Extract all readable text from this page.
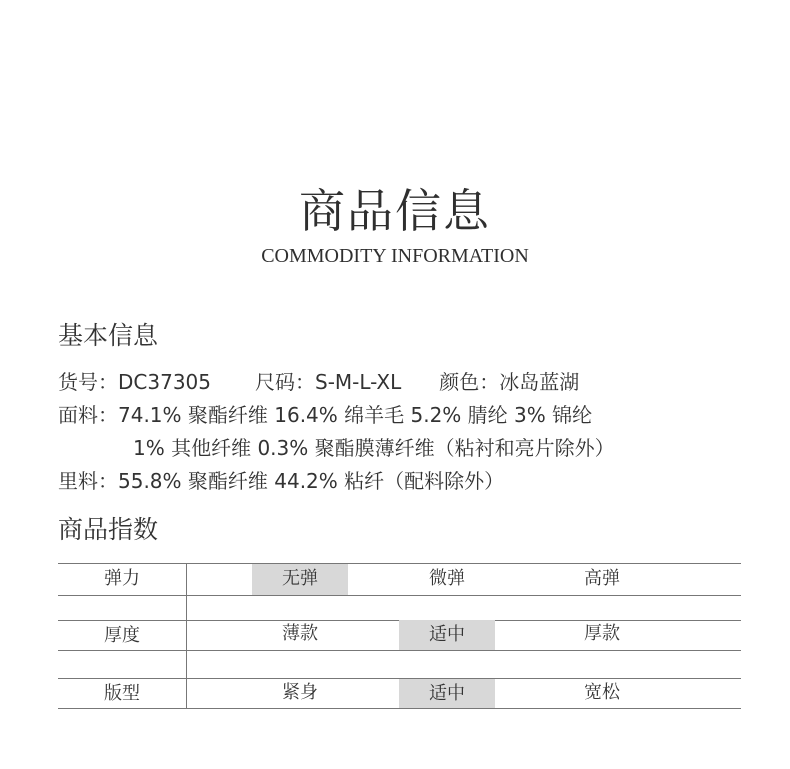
商品信息
COMMODITY INFORMATION
基本信息
货号：DC37305 尺码：S-M-L-XL 颜色：冰岛蓝湖
面料：74.1% 聚酯纤维 16.4% 绵羊毛 5.2% 腈纶 3% 锦纶
1% 其他纤维 0.3% 聚酯膜薄纤维（粘衬和亮片除外）
里料：55.8% 聚酯纤维 44.2% 粘纤（配料除外）
商品指数
弹力	无弹	微弹	高弹
厚度	薄款	适中	厚款
版型	紧身	适中	宽松
